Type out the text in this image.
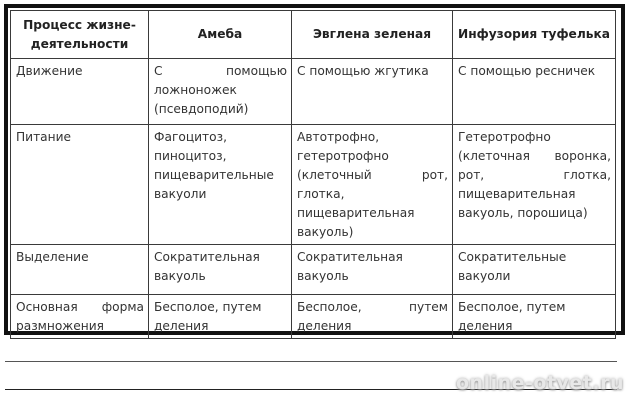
Процесс жизне-деятельности	Амеба	Эвглена зеленая	Инфузория туфелька
Движение	С помощью ложноножек (псевдоподий)	С помощью жгутика	С помощью ресничек
Питание	Фагоцитоз, пиноцитоз, пищеварительные вакуоли	Автотрофно, гетеротрофно (клеточный рот, глотка, пищеварительная вакуоль)	Гетеротрофно (клеточная воронка, рот, глотка, пищеварительная вакуоль, порошица)
Выделение	Сократительная вакуоль	Сократительная вакуоль	Сократительные вакуоли
Основная форма размножения	Бесполое, путем деления	Бесполое, путем деления	Бесполое, путем деления
online-otvet.ru
